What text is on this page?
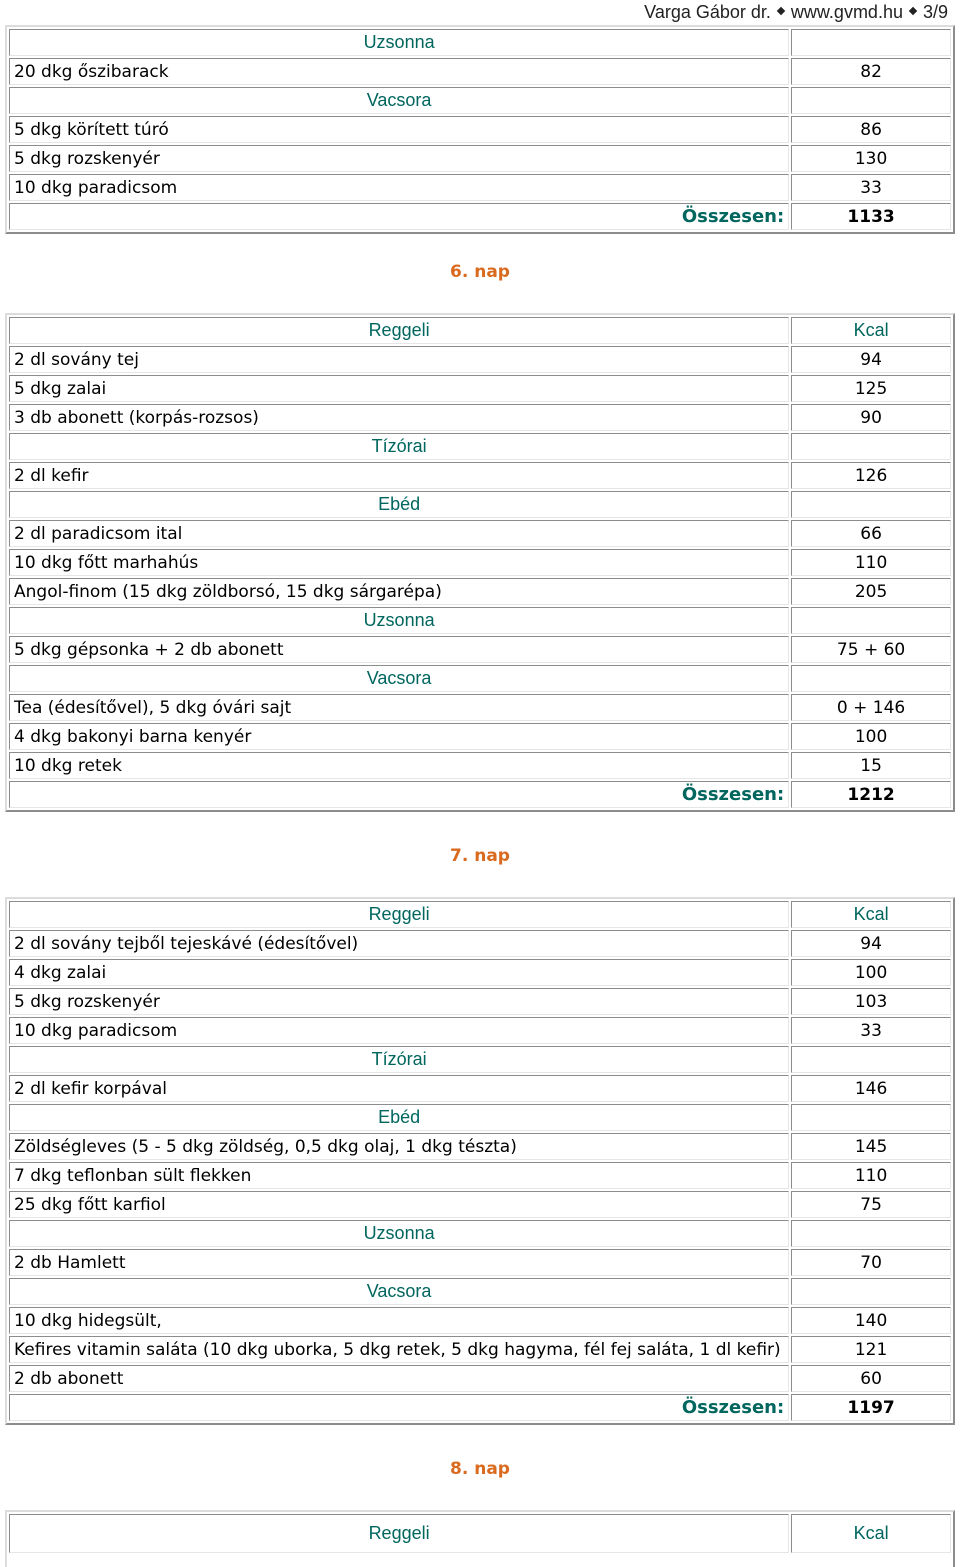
Varga Gábor dr. www.gvmd.hu 3/9
Uzsonna	
20 dkg őszibarack	82
Vacsora	
5 dkg körített túró	86
5 dkg rozskenyér	130
10 dkg paradicsom	33
Összesen:	1133
6. nap
Reggeli	Kcal
2 dl sovány tej	94
5 dkg zalai	125
3 db abonett (korpás-rozsos)	90
Tízórai	
2 dl kefir	126
Ebéd	
2 dl paradicsom ital	66
10 dkg főtt marhahús	110
Angol-finom (15 dkg zöldborsó, 15 dkg sárgarépa)	205
Uzsonna	
5 dkg gépsonka + 2 db abonett	75 + 60
Vacsora	
Tea (édesítővel), 5 dkg óvári sajt	0 + 146
4 dkg bakonyi barna kenyér	100
10 dkg retek	15
Összesen:	1212
7. nap
Reggeli	Kcal
2 dl sovány tejből tejeskávé (édesítővel)	94
4 dkg zalai	100
5 dkg rozskenyér	103
10 dkg paradicsom	33
Tízórai	
2 dl kefir korpával	146
Ebéd	
Zöldségleves (5 - 5 dkg zöldség, 0,5 dkg olaj, 1 dkg tészta)	145
7 dkg teflonban sült flekken	110
25 dkg főtt karfiol	75
Uzsonna	
2 db Hamlett	70
Vacsora	
10 dkg hidegsült,	140
Kefires vitamin saláta (10 dkg uborka, 5 dkg retek, 5 dkg hagyma, fél fej saláta, 1 dl kefir)	121
2 db abonett	60
Összesen:	1197
8. nap
Reggeli	Kcal
